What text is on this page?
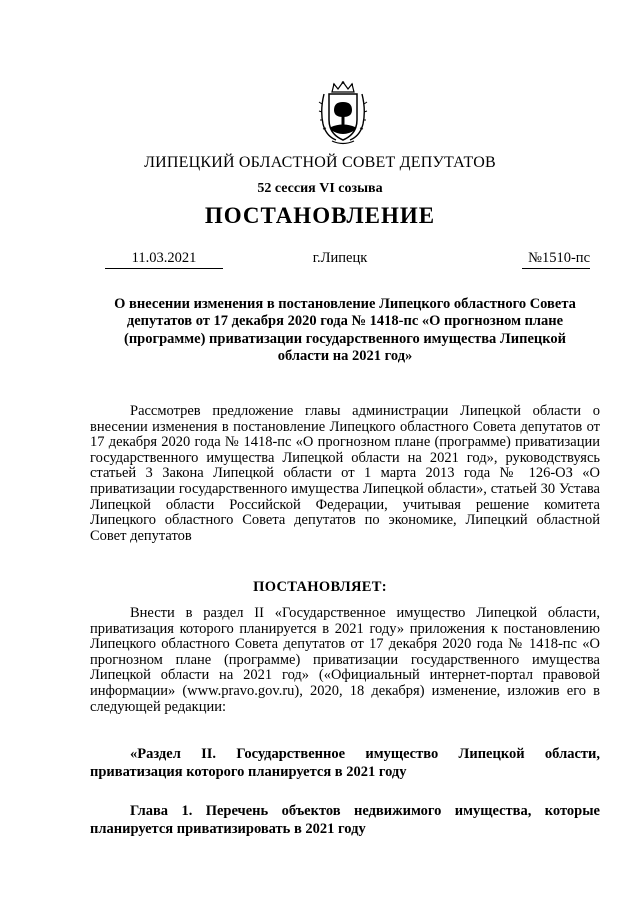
ЛИПЕЦКИЙ ОБЛАСТНОЙ СОВЕТ ДЕПУТАТОВ
52 сессия VI созыва
ПОСТАНОВЛЕНИЕ
11.03.2021	г.Липецк	№1510-пс
О внесении изменения в постановление Липецкого областного Совета депутатов от 17 декабря 2020 года № 1418-пс «О прогнозном плане (программе) приватизации государственного имущества Липецкой области на 2021 год»
Рассмотрев предложение главы администрации Липецкой области о внесении изменения в постановление Липецкого областного Совета депутатов от 17 декабря 2020 года № 1418-пс «О прогнозном плане (программе) приватизации государственного имущества Липецкой области на 2021 год», руководствуясь статьей 3 Закона Липецкой области от 1 марта 2013 года № 126-ОЗ «О приватизации государственного имущества Липецкой области», статьей 30 Устава Липецкой области Российской Федерации, учитывая решение комитета Липецкого областного Совета депутатов по экономике, Липецкий областной Совет депутатов
ПОСТАНОВЛЯЕТ:
Внести в раздел II «Государственное имущество Липецкой области, приватизация которого планируется в 2021 году» приложения к постановлению Липецкого областного Совета депутатов от 17 декабря 2020 года № 1418-пс «О прогнозном плане (программе) приватизации государственного имущества Липецкой области на 2021 год» («Официальный интернет-портал правовой информации» (www.pravo.gov.ru), 2020, 18 декабря) изменение, изложив его в следующей редакции:
«Раздел II. Государственное имущество Липецкой области, приватизация которого планируется в 2021 году
Глава 1. Перечень объектов недвижимого имущества, которые планируется приватизировать в 2021 году
